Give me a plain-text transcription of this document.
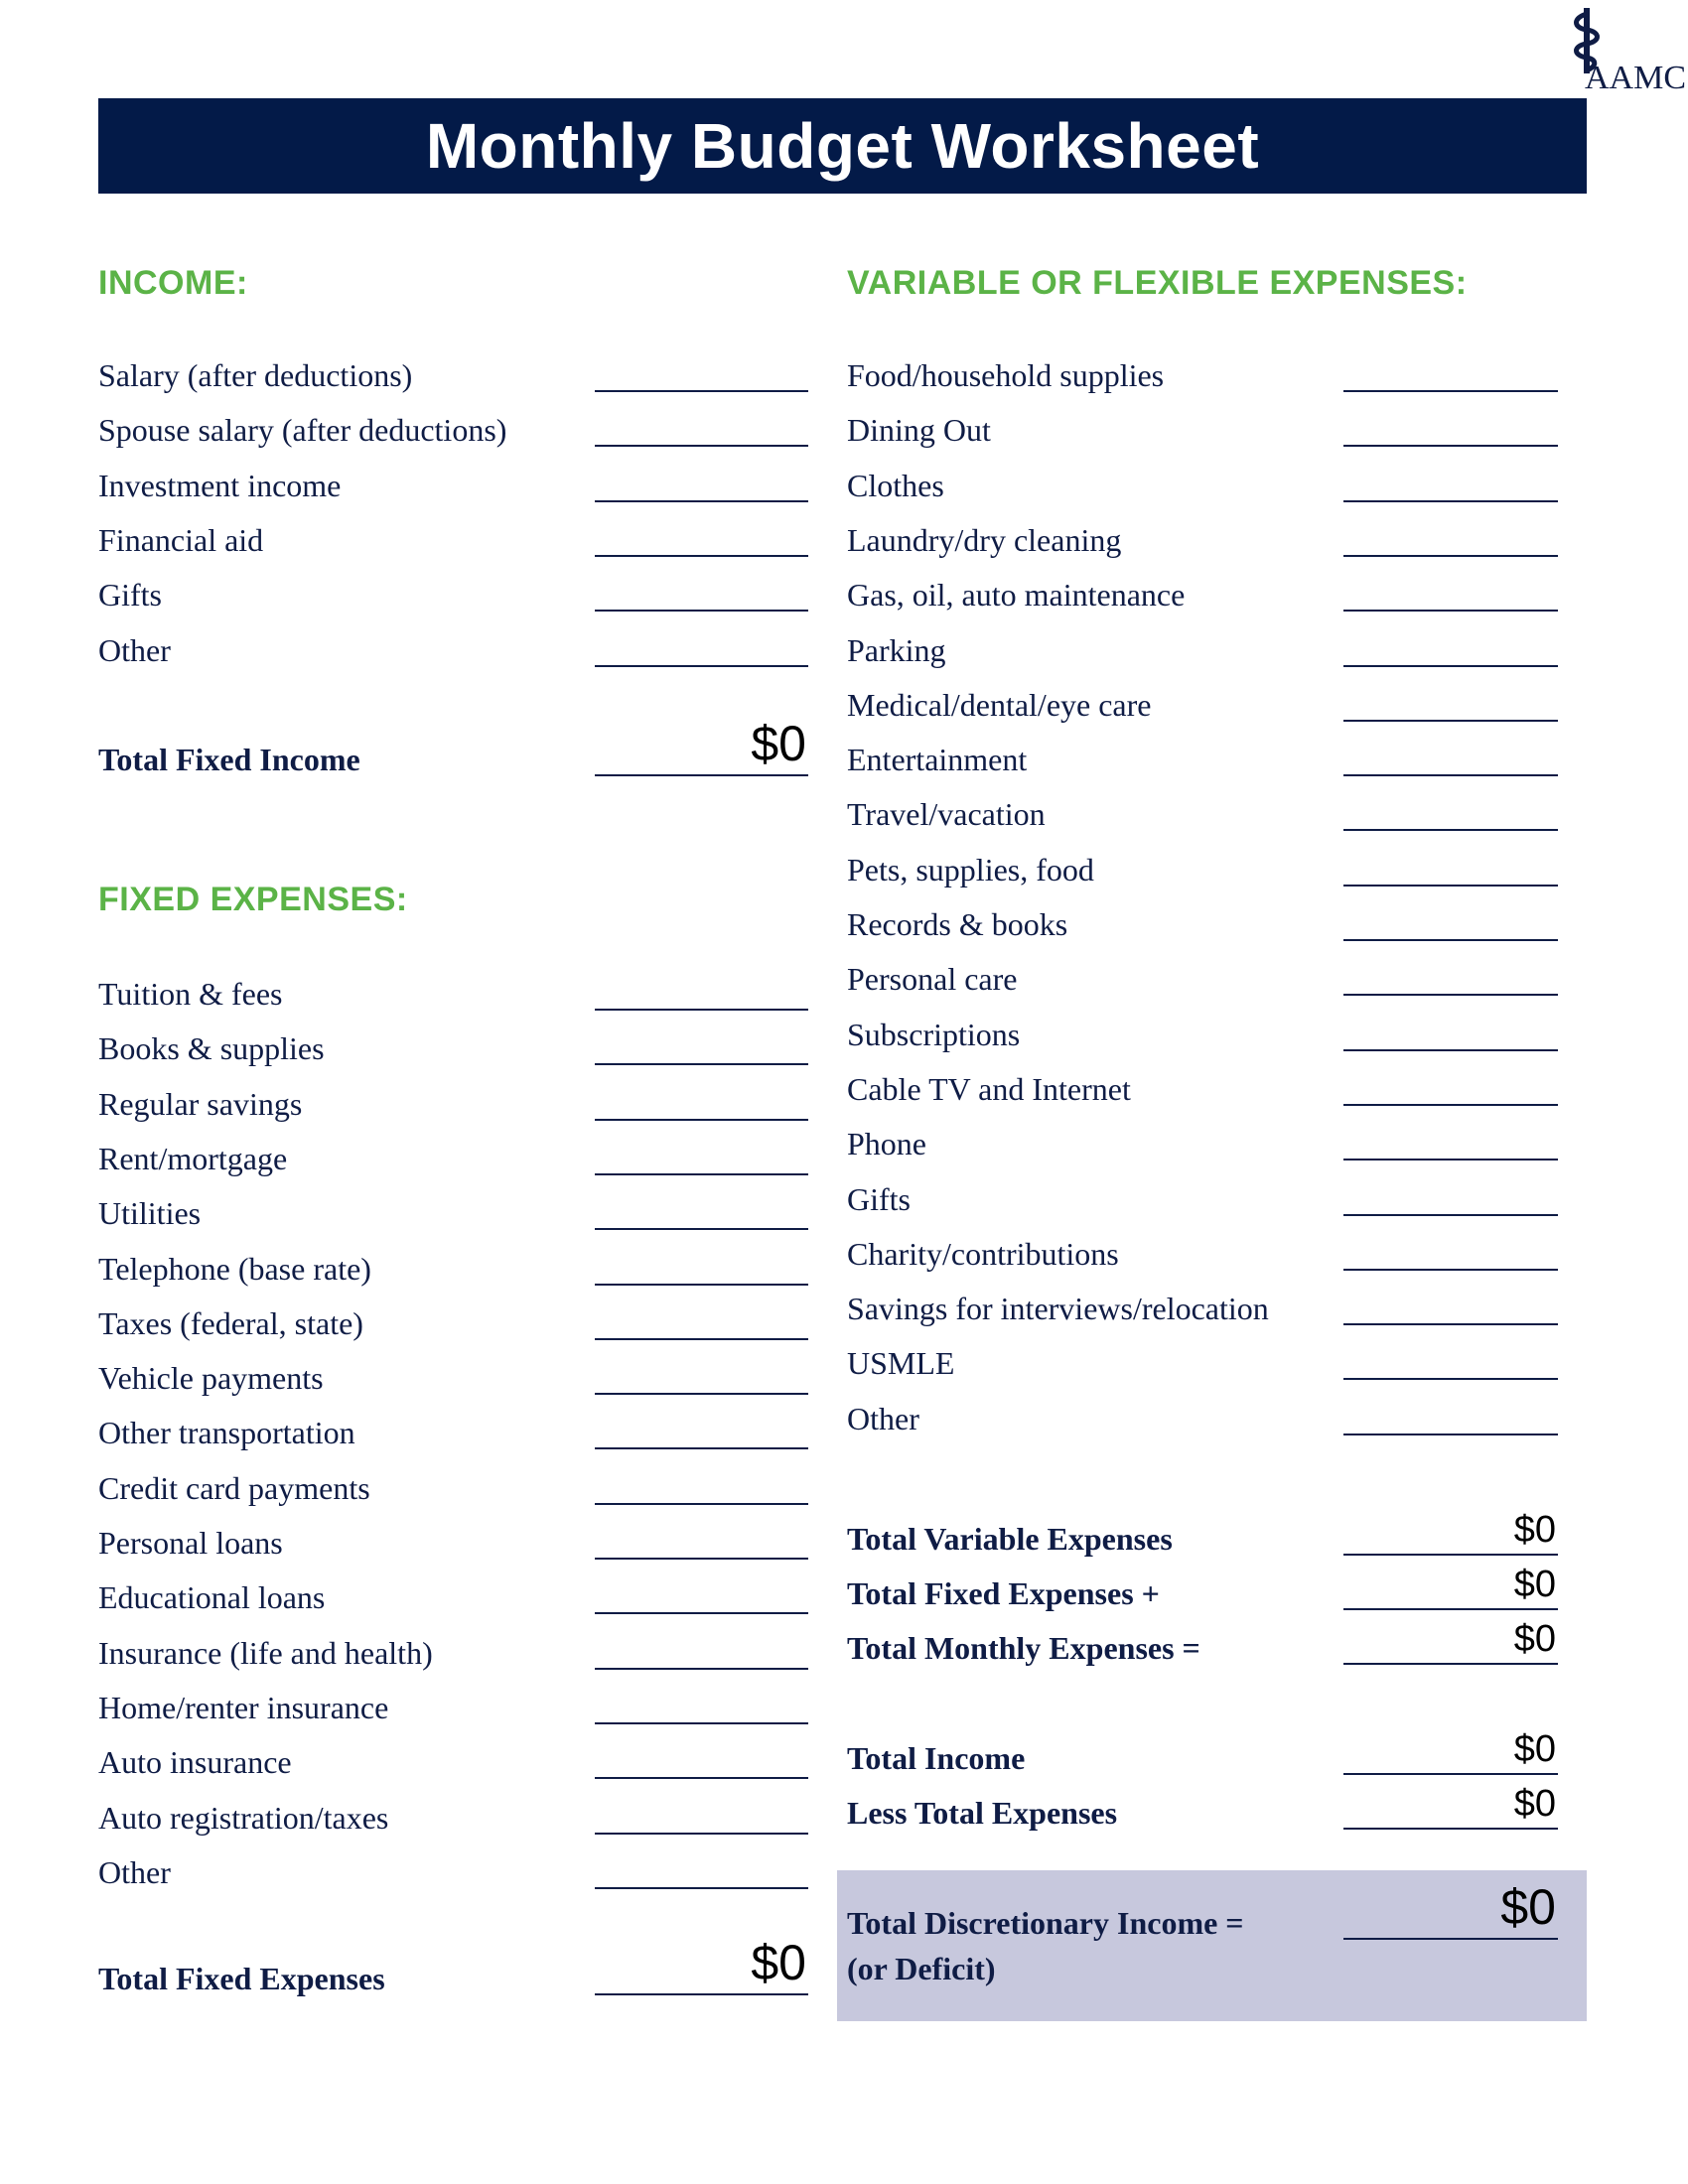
AAMC
Monthly Budget Worksheet
INCOME:
FIXED EXPENSES:
VARIABLE OR FLEXIBLE EXPENSES:
Salary (after deductions)
Spouse salary (after deductions)
Investment income
Financial aid
Gifts
Other
Total Fixed Income	$0
Tuition & fees
Books & supplies
Regular savings
Rent/mortgage
Utilities
Telephone (base rate)
Taxes (federal, state)
Vehicle payments
Other transportation
Credit card payments
Personal loans
Educational loans
Insurance (life and health)
Home/renter insurance
Auto insurance
Auto registration/taxes
Other
Total Fixed Expenses	$0
Food/household supplies
Dining Out
Clothes
Laundry/dry cleaning
Gas, oil, auto maintenance
Parking
Medical/dental/eye care
Entertainment
Travel/vacation
Pets, supplies, food
Records & books
Personal care
Subscriptions
Cable TV and Internet
Phone
Gifts
Charity/contributions
Savings for interviews/relocation
USMLE
Other
Total Variable Expenses	$0
Total Fixed Expenses +	$0
Total Monthly Expenses =	$0
Total Income	$0
Less Total Expenses	$0
Total Discretionary Income =	$0
(or Deficit)
